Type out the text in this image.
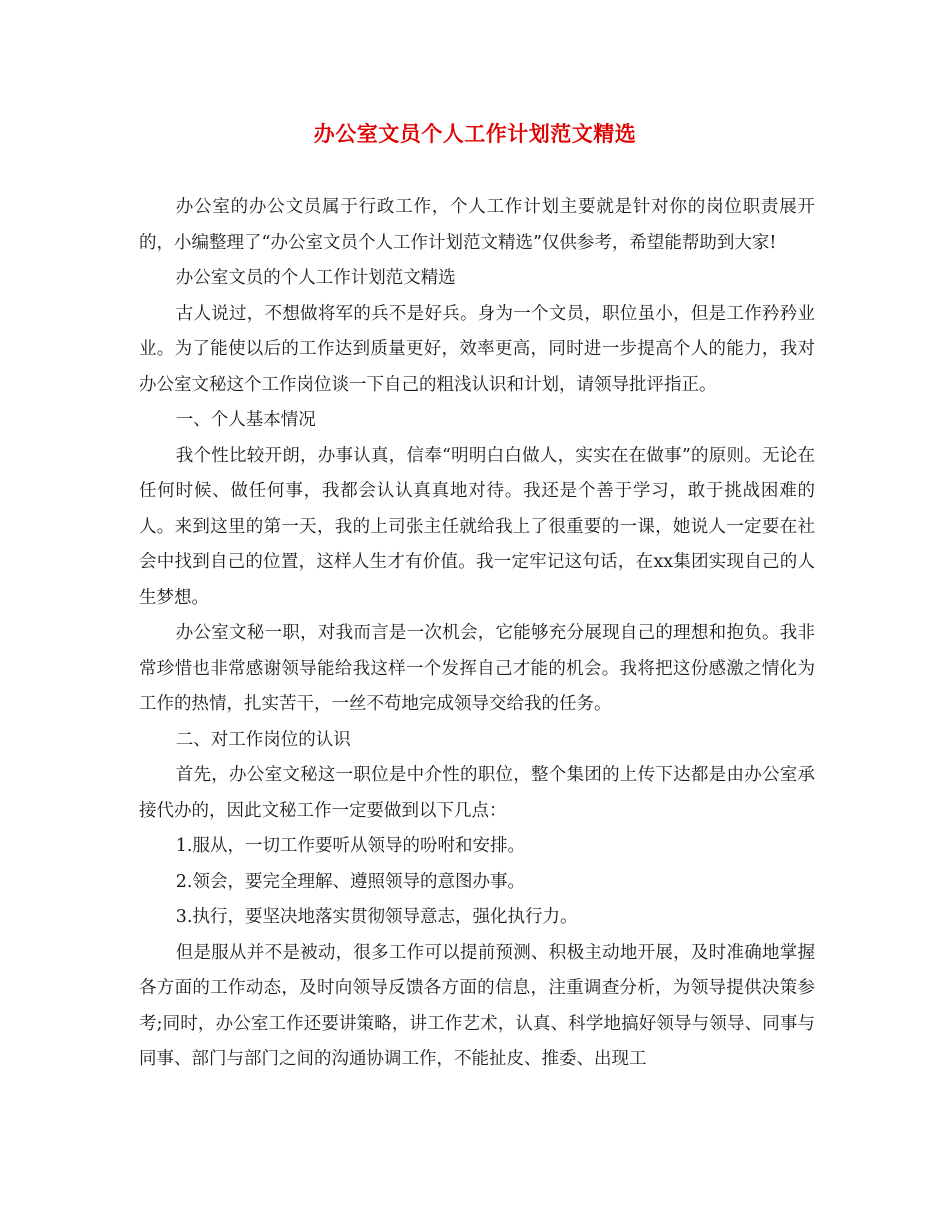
办公室文员个人工作计划范文精选

办公室的办公文员属于行政工作，个人工作计划主要就是针对你的岗位职责展开的，小编整理了“办公室文员个人工作计划范文精选”仅供参考，希望能帮助到大家!

办公室文员的个人工作计划范文精选

古人说过，不想做将军的兵不是好兵。身为一个文员，职位虽小，但是工作矜矜业业。为了能使以后的工作达到质量更好，效率更高，同时进一步提高个人的能力，我对办公室文秘这个工作岗位谈一下自己的粗浅认识和计划，请领导批评指正。

一、个人基本情况

我个性比较开朗，办事认真，信奉“明明白白做人，实实在在做事”的原则。无论在任何时候、做任何事，我都会认认真真地对待。我还是个善于学习，敢于挑战困难的人。来到这里的第一天，我的上司张主任就给我上了很重要的一课，她说人一定要在社会中找到自己的位置，这样人生才有价值。我一定牢记这句话，在xx集团实现自己的人生梦想。

办公室文秘一职，对我而言是一次机会，它能够充分展现自己的理想和抱负。我非常珍惜也非常感谢领导能给我这样一个发挥自己才能的机会。我将把这份感激之情化为工作的热情，扎实苦干，一丝不苟地完成领导交给我的任务。

二、对工作岗位的认识

首先，办公室文秘这一职位是中介性的职位，整个集团的上传下达都是由办公室承接代办的，因此文秘工作一定要做到以下几点：

1.服从，一切工作要听从领导的吩咐和安排。

2.领会，要完全理解、遵照领导的意图办事。

3.执行，要坚决地落实贯彻领导意志，强化执行力。

但是服从并不是被动，很多工作可以提前预测、积极主动地开展，及时准确地掌握各方面的工作动态，及时向领导反馈各方面的信息，注重调查分析，为领导提供决策参考;同时，办公室工作还要讲策略，讲工作艺术，认真、科学地搞好领导与领导、同事与同事、部门与部门之间的沟通协调工作，不能扯皮、推委、出现工
